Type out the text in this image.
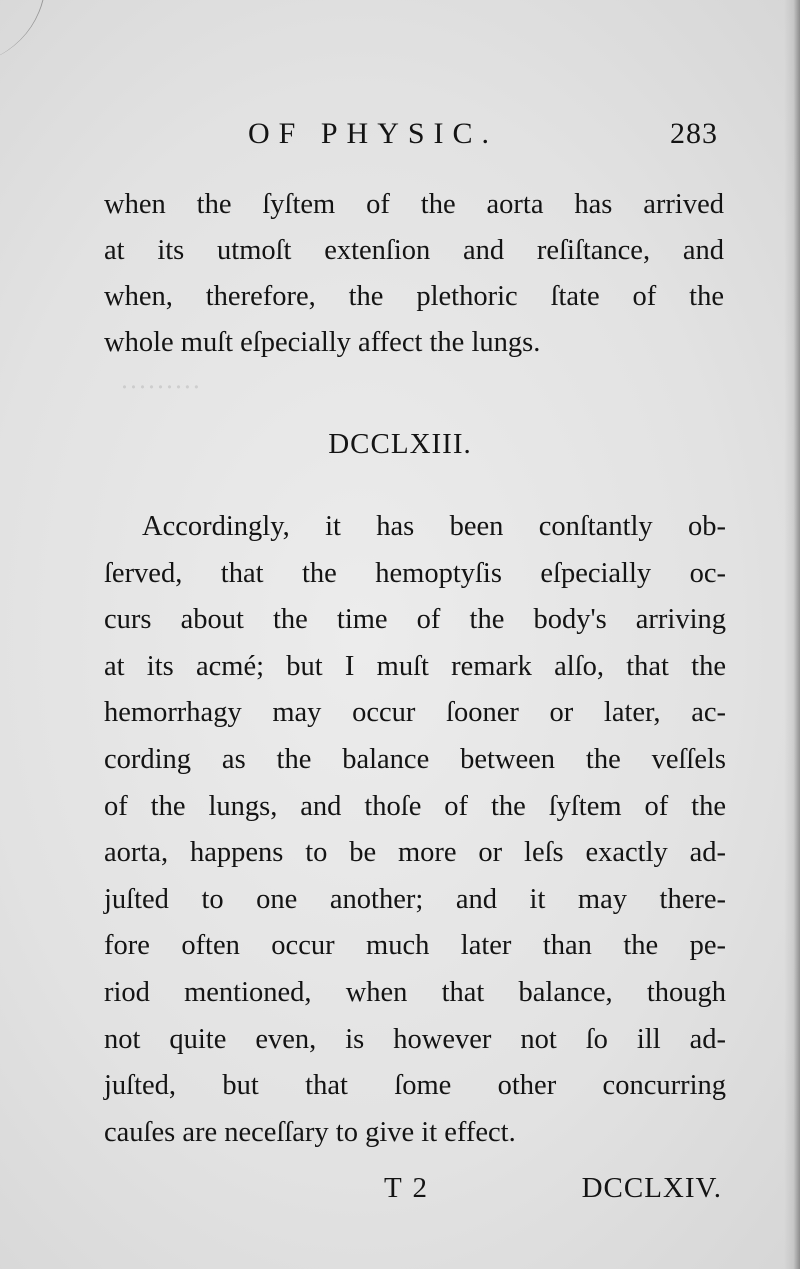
·········
OF PHYSIC.	283
when the ſyſtem of the aorta has arrived
at its utmoſt extenſion and reſiſtance, and
when, therefore, the plethoric ſtate of the
whole muſt eſpecially affect the lungs.
DCCLXIII.
Accordingly, it has been conſtantly ob-
ſerved, that the hemoptyſis eſpecially oc-
curs about the time of the body's arriving
at its acmé; but I muſt remark alſo, that the
hemorrhagy may occur ſooner or later, ac-
cording as the balance between the veſſels
of the lungs, and thoſe of the ſyſtem of the
aorta, happens to be more or leſs exactly ad-
juſted to one another; and it may there-
fore often occur much later than the pe-
riod mentioned, when that balance, though
not quite even, is however not ſo ill ad-
juſted, but that ſome other concurring
cauſes are neceſſary to give it effect.
T 2	DCCLXIV.
